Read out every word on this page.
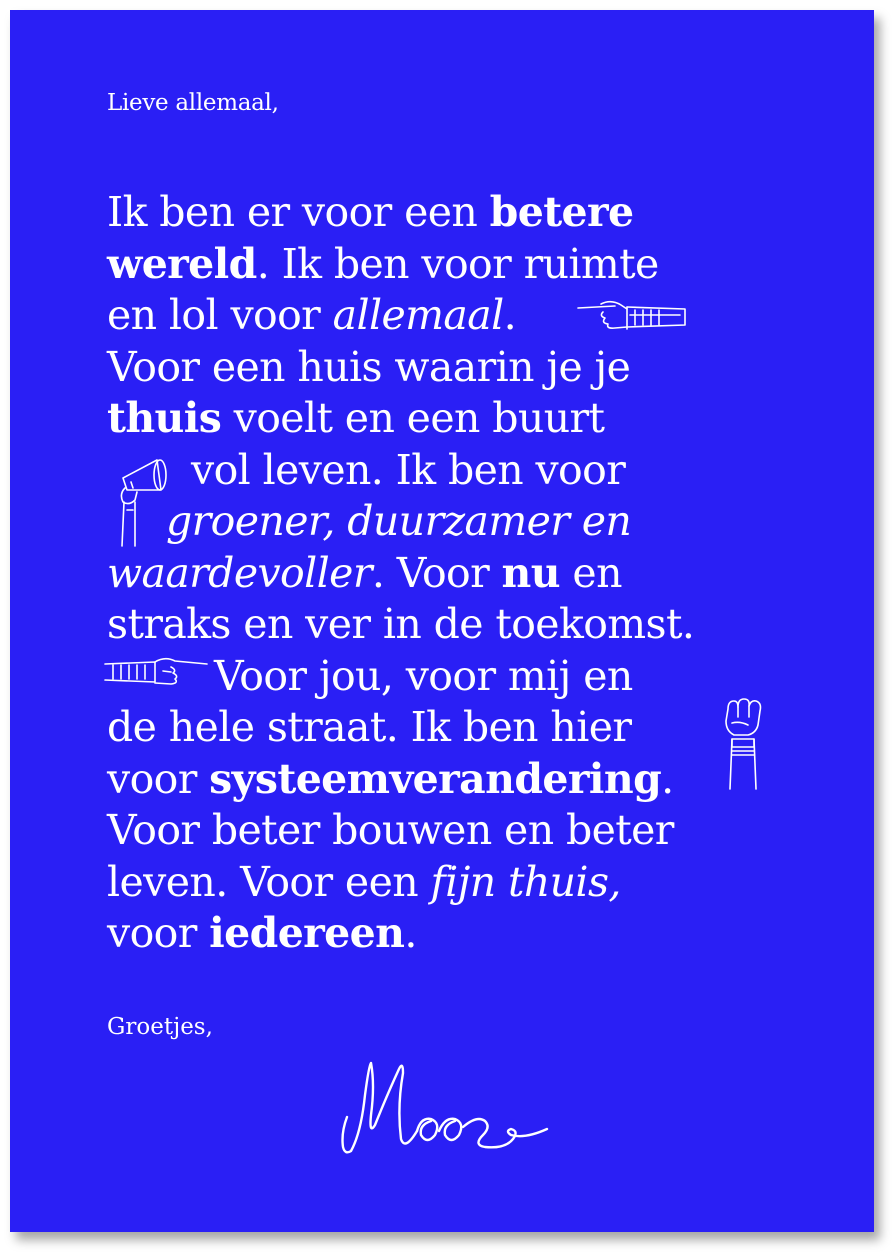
Lieve allemaal,

Ik ben er voor een betere

wereld. Ik ben voor ruimte

en lol voor allemaal.

Voor een huis waarin je je

thuis voelt en een buurt

vol leven. Ik ben voor

groener, duurzamer en

waardevoller. Voor nu en

straks en ver in de toekomst.

Voor jou, voor mij en

de hele straat. Ik ben hier

voor systeemverandering.

Voor beter bouwen en beter

leven. Voor een fijn thuis,

voor iedereen.

Groetjes,
